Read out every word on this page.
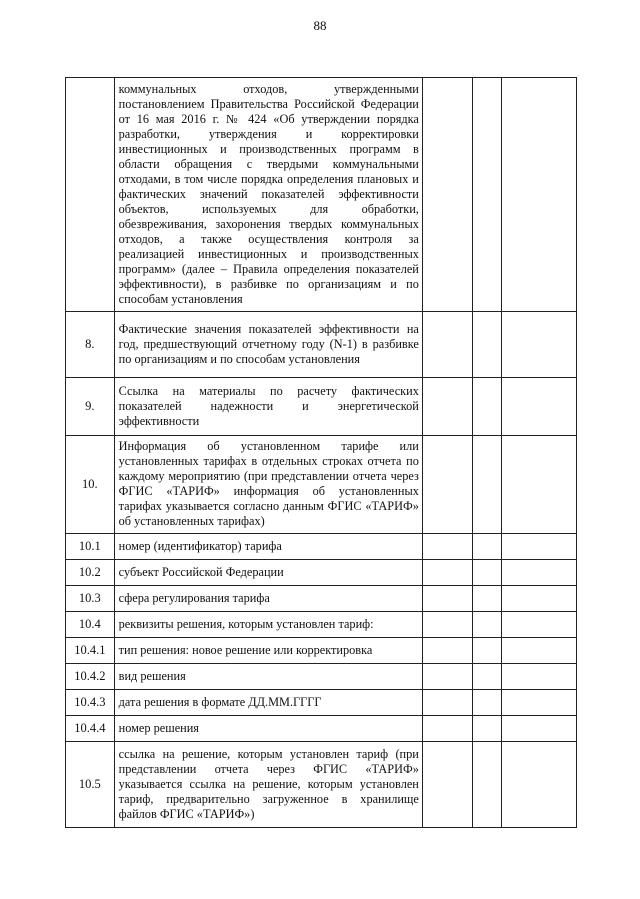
88
	коммунальных отходов, утвержденными постановлением Правительства Российской Федерации от 16 мая 2016 г. № 424 «Об утверждении порядка разработки, утверждения и корректировки инвестиционных и производственных программ в области обращения с твердыми коммунальными отходами, в том числе порядка определения плановых и фактических значений показателей эффективности объектов, используемых для обработки, обезвреживания, захоронения твердых коммунальных отходов, а также осуществления контроля за реализацией инвестиционных и производственных программ» (далее – Правила определения показателей эффективности), в разбивке по организациям и по способам установления			
8.	Фактические значения показателей эффективности на год, предшествующий отчетному году (N-1) в разбивке по организациям и по способам установления			
9.	Ссылка на материалы по расчету фактических показателей надежности и энергетической эффективности			
10.	Информация об установленном тарифе или установленных тарифах в отдельных строках отчета по каждому мероприятию (при представлении отчета через ФГИС «ТАРИФ» информация об установленных тарифах указывается согласно данным ФГИС «ТАРИФ» об установленных тарифах)			
10.1	номер (идентификатор) тарифа			
10.2	субъект Российской Федерации			
10.3	сфера регулирования тарифа			
10.4	реквизиты решения, которым установлен тариф:			
10.4.1	тип решения: новое решение или корректировка			
10.4.2	вид решения			
10.4.3	дата решения в формате ДД.ММ.ГГГГ			
10.4.4	номер решения			
10.5	ссылка на решение, которым установлен тариф (при представлении отчета через ФГИС «ТАРИФ» указывается ссылка на решение, которым установлен тариф, предварительно загруженное в хранилище файлов ФГИС «ТАРИФ»)			
